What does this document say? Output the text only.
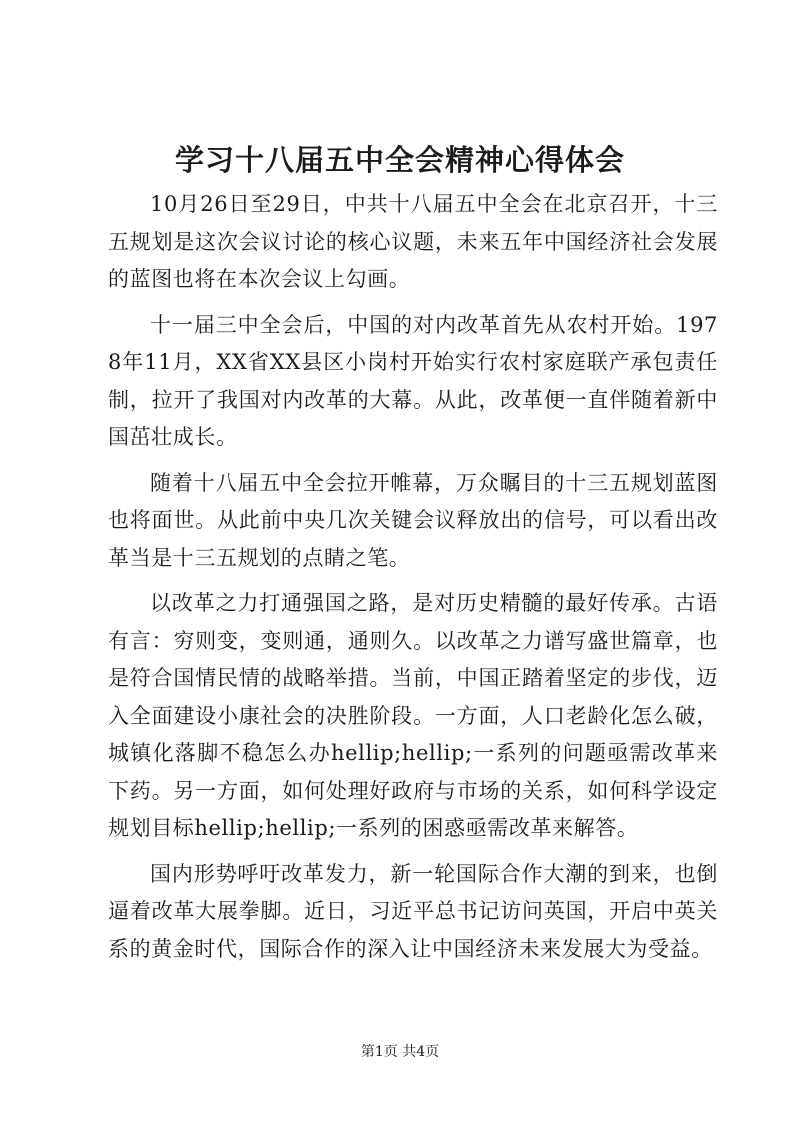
学习十八届五中全会精神心得体会

10月26日至29日，中共十八届五中全会在北京召开，十三五规划是这次会议讨论的核心议题，未来五年中国经济社会发展的蓝图也将在本次会议上勾画。

十一届三中全会后，中国的对内改革首先从农村开始。1978年11月，XX省XX县区小岗村开始实行农村家庭联产承包责任制，拉开了我国对内改革的大幕。从此，改革便一直伴随着新中国茁壮成长。

随着十八届五中全会拉开帷幕，万众瞩目的十三五规划蓝图也将面世。从此前中央几次关键会议释放出的信号，可以看出改革当是十三五规划的点睛之笔。

以改革之力打通强国之路，是对历史精髓的最好传承。古语有言：穷则变，变则通，通则久。以改革之力谱写盛世篇章，也是符合国情民情的战略举措。当前，中国正踏着坚定的步伐，迈入全面建设小康社会的决胜阶段。一方面，人口老龄化怎么破，城镇化落脚不稳怎么办hellip;hellip;一系列的问题亟需改革来下药。另一方面，如何处理好政府与市场的关系，如何科学设定规划目标hellip;hellip;一系列的困惑亟需改革来解答。

国内形势呼吁改革发力，新一轮国际合作大潮的到来，也倒逼着改革大展拳脚。近日，习近平总书记访问英国，开启中英关系的黄金时代，国际合作的深入让中国经济未来发展大为受益。

第1页 共4页
